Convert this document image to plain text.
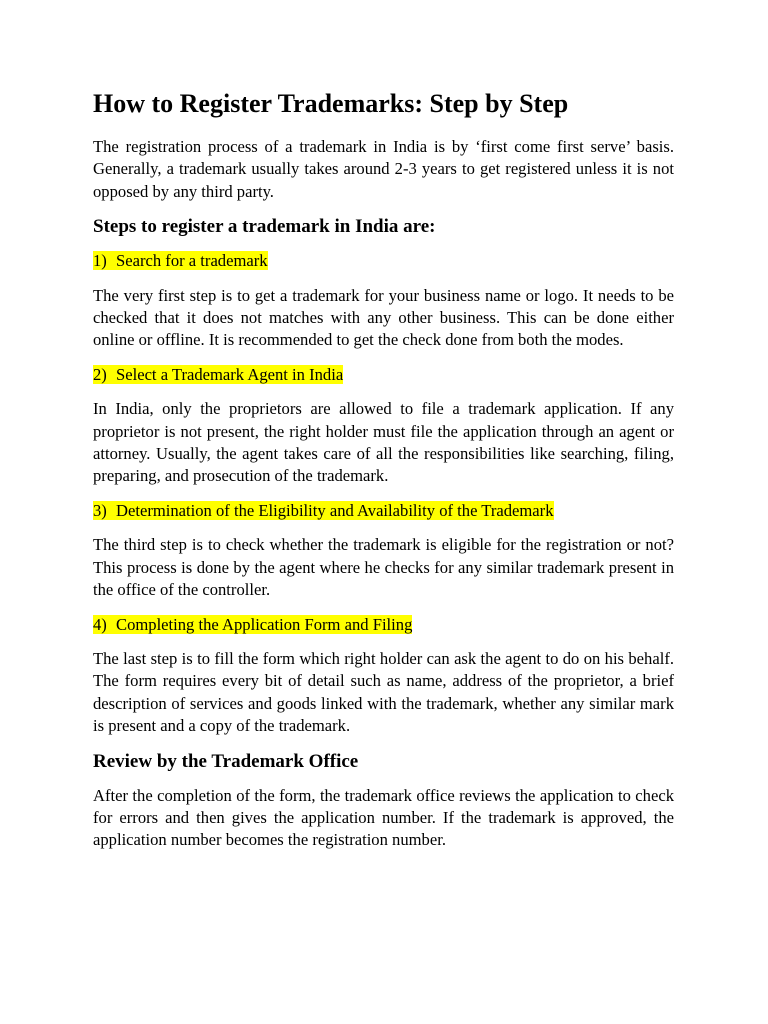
How to Register Trademarks: Step by Step

The registration process of a trademark in India is by ‘first come first serve’ basis. Generally, a trademark usually takes around 2-3 years to get registered unless it is not opposed by any third party.

Steps to register a trademark in India are:
1) Search for a trademark

The very first step is to get a trademark for your business name or logo. It needs to be checked that it does not matches with any other business. This can be done either online or offline. It is recommended to get the check done from both the modes.

2) Select a Trademark Agent in India

In India, only the proprietors are allowed to file a trademark application. If any proprietor is not present, the right holder must file the application through an agent or attorney. Usually, the agent takes care of all the responsibilities like searching, filing, preparing, and prosecution of the trademark.

3) Determination of the Eligibility and Availability of the Trademark

The third step is to check whether the trademark is eligible for the registration or not? This process is done by the agent where he checks for any similar trademark present in the office of the controller.

4) Completing the Application Form and Filing

The last step is to fill the form which right holder can ask the agent to do on his behalf. The form requires every bit of detail such as name, address of the proprietor, a brief description of services and goods linked with the trademark, whether any similar mark is present and a copy of the trademark.

Review by the Trademark Office

After the completion of the form, the trademark office reviews the application to check for errors and then gives the application number. If the trademark is approved, the application number becomes the registration number.
